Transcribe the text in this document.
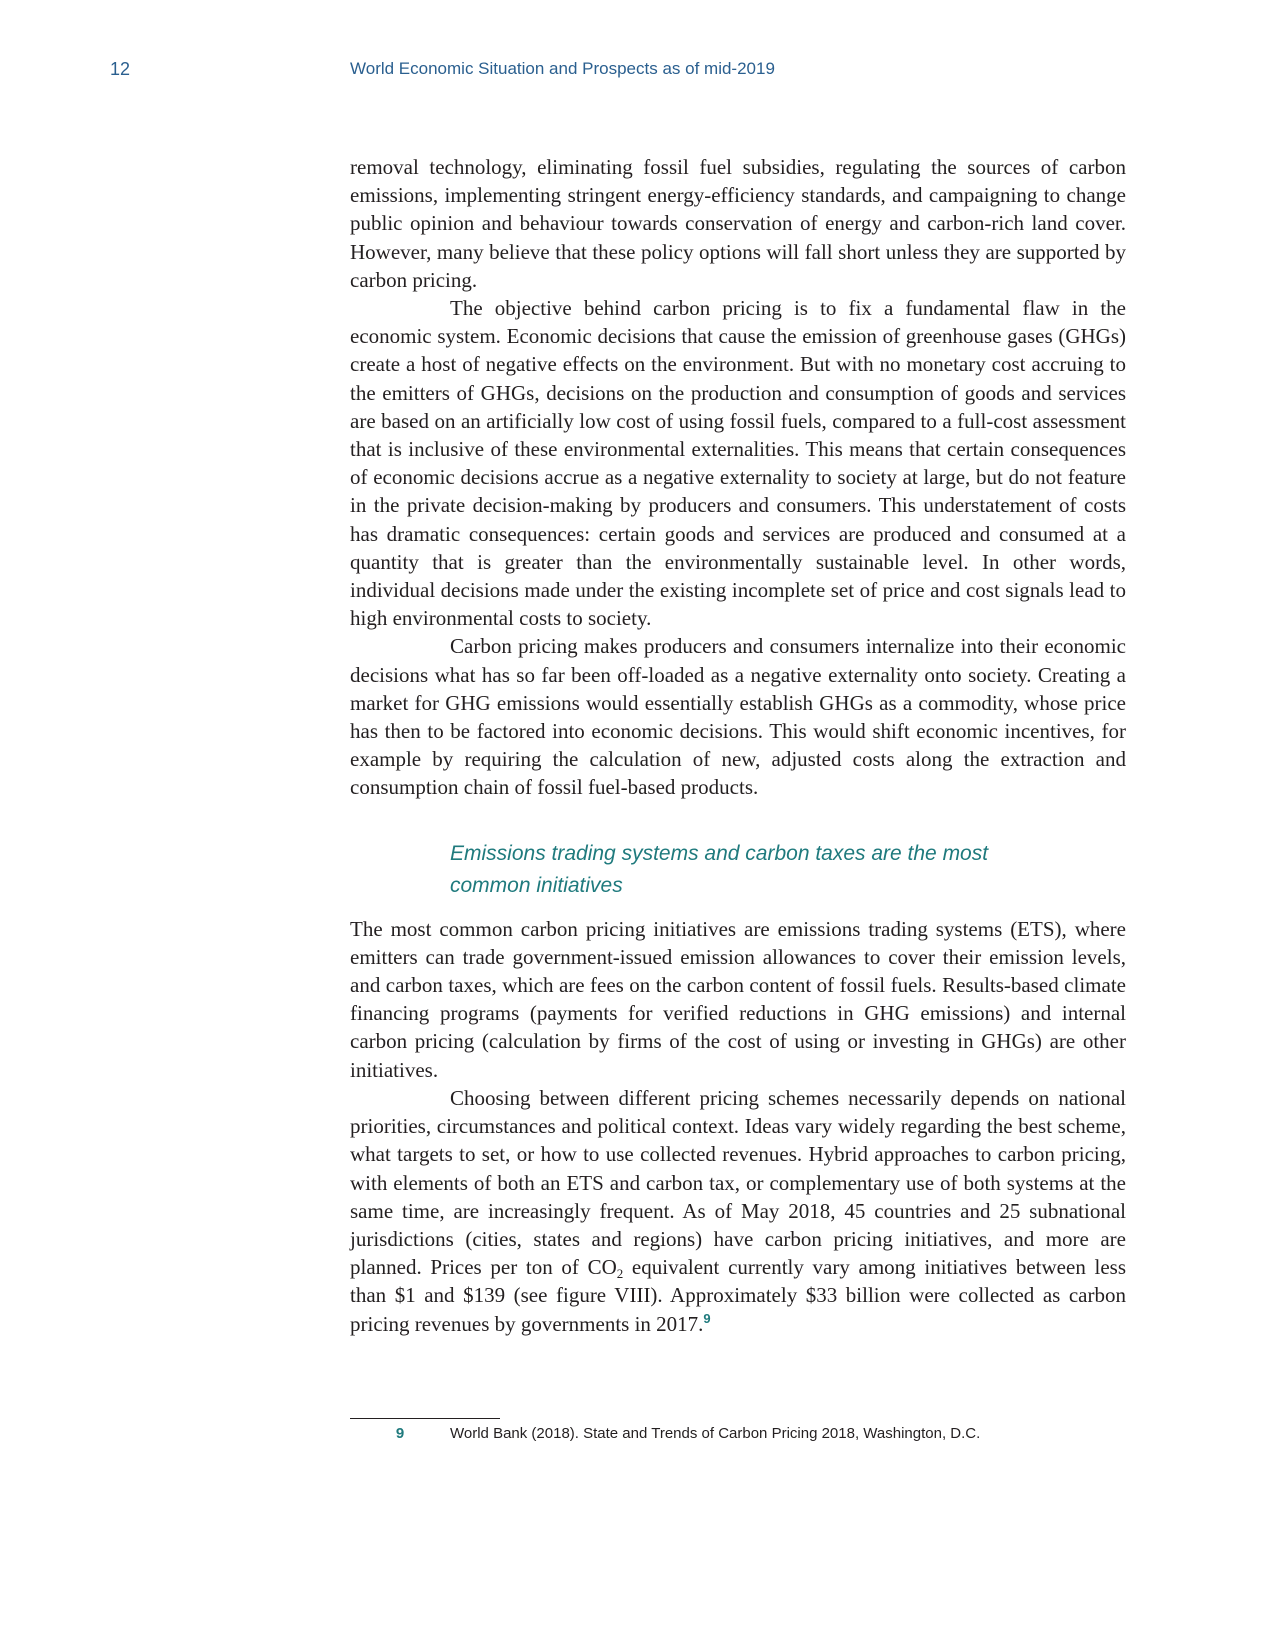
12	World Economic Situation and Prospects as of mid-2019

removal technology, eliminating fossil fuel subsidies, regulating the sources of carbon emissions, implementing stringent energy-efficiency standards, and campaigning to change public opinion and behaviour towards conservation of energy and carbon-rich land cover. However, many believe that these policy options will fall short unless they are supported by carbon pricing.

The objective behind carbon pricing is to fix a fundamental flaw in the economic system. Economic decisions that cause the emission of greenhouse gases (GHGs) create a host of negative effects on the environment. But with no monetary cost accruing to the emitters of GHGs, decisions on the production and consumption of goods and services are based on an artificially low cost of using fossil fuels, compared to a full-cost assessment that is inclusive of these environmental externalities. This means that certain consequences of economic decisions accrue as a negative externality to society at large, but do not feature in the private decision-making by producers and consumers. This understatement of costs has dramatic consequences: certain goods and services are produced and consumed at a quantity that is greater than the environmentally sustainable level. In other words, individual decisions made under the existing incomplete set of price and cost signals lead to high environmental costs to society.

Carbon pricing makes producers and consumers internalize into their economic decisions what has so far been off-loaded as a negative externality onto society. Creating a market for GHG emissions would essentially establish GHGs as a commodity, whose price has then to be factored into economic decisions. This would shift economic incentives, for example by requiring the calculation of new, adjusted costs along the extraction and consumption chain of fossil fuel-based products.

Emissions trading systems and carbon taxes are the most common initiatives

The most common carbon pricing initiatives are emissions trading systems (ETS), where emitters can trade government-issued emission allowances to cover their emission levels, and carbon taxes, which are fees on the carbon content of fossil fuels. Results-based climate financing programs (payments for verified reductions in GHG emissions) and internal carbon pricing (calculation by firms of the cost of using or investing in GHGs) are other initiatives.

Choosing between different pricing schemes necessarily depends on national priorities, circumstances and political context. Ideas vary widely regarding the best scheme, what targets to set, or how to use collected revenues. Hybrid approaches to carbon pricing, with elements of both an ETS and carbon tax, or complementary use of both systems at the same time, are increasingly frequent. As of May 2018, 45 countries and 25 subnational jurisdictions (cities, states and regions) have carbon pricing initiatives, and more are planned. Prices per ton of $CO_2$ equivalent currently vary among initiatives between less than $1 and $139 (see figure VIII). Approximately $33 billion were collected as carbon pricing revenues by governments in 2017.$^9$

9	World Bank (2018). State and Trends of Carbon Pricing 2018, Washington, D.C.
